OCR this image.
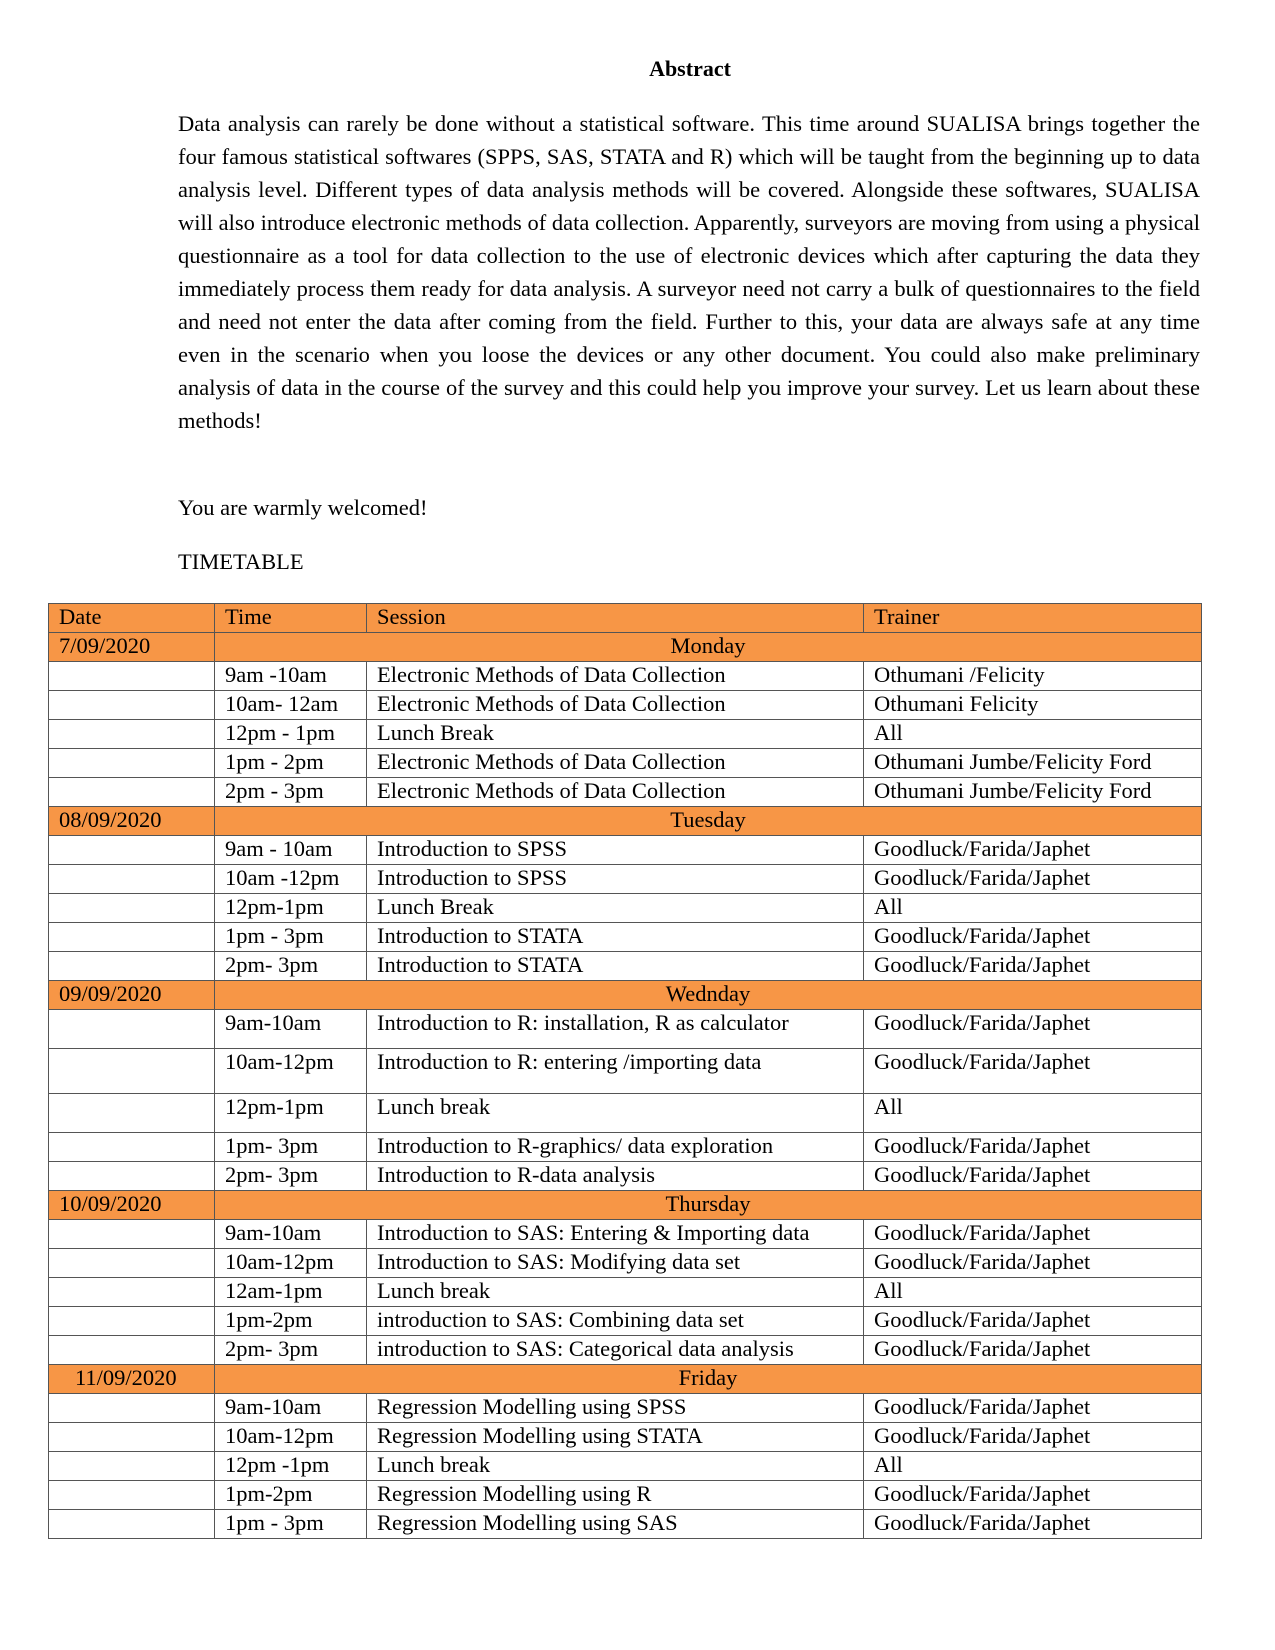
Abstract

Data analysis can rarely be done without a statistical software. This time around SUALISA brings together the four famous statistical softwares (SPPS, SAS, STATA and R) which will be taught from the beginning up to data analysis level. Different types of data analysis methods will be covered. Alongside these softwares, SUALISA will also introduce electronic methods of data collection. Apparently, surveyors are moving from using a physical questionnaire as a tool for data collection to the use of electronic devices which after capturing the data they immediately process them ready for data analysis. A surveyor need not carry a bulk of questionnaires to the field and need not enter the data after coming from the field. Further to this, your data are always safe at any time even in the scenario when you loose the devices or any other document. You could also make preliminary analysis of data in the course of the survey and this could help you improve your survey. Let us learn about these methods!

You are warmly welcomed!

TIMETABLE

Date	Time	Session	Trainer
7/09/2020	Monday		
	9am -10am	Electronic Methods of Data Collection	Othumani /Felicity
	10am- 12am	Electronic Methods of Data Collection	Othumani Felicity
	12pm - 1pm	Lunch Break	All
	1pm - 2pm	Electronic Methods of Data Collection	Othumani Jumbe/Felicity Ford
	2pm - 3pm	Electronic Methods of Data Collection	Othumani Jumbe/Felicity Ford
08/09/2020	Tuesday		
	9am - 10am	Introduction to SPSS	Goodluck/Farida/Japhet
	10am -12pm	Introduction to SPSS	Goodluck/Farida/Japhet
	12pm-1pm	Lunch Break	All
	1pm - 3pm	Introduction to STATA	Goodluck/Farida/Japhet
	2pm- 3pm	Introduction to STATA	Goodluck/Farida/Japhet
09/09/2020	Wednday		
	9am-10am	Introduction to R: installation, R as calculator	Goodluck/Farida/Japhet
	10am-12pm	Introduction to R: entering /importing data	Goodluck/Farida/Japhet
	12pm-1pm	Lunch break	All
	1pm- 3pm	Introduction to R-graphics/ data exploration	Goodluck/Farida/Japhet
	2pm- 3pm	Introduction to R-data analysis	Goodluck/Farida/Japhet
10/09/2020	Thursday		
	9am-10am	Introduction to SAS: Entering & Importing data	Goodluck/Farida/Japhet
	10am-12pm	Introduction to SAS: Modifying data set	Goodluck/Farida/Japhet
	12am-1pm	Lunch break	All
	1pm-2pm	introduction to SAS: Combining data set	Goodluck/Farida/Japhet
	2pm- 3pm	introduction to SAS: Categorical data analysis	Goodluck/Farida/Japhet
11/09/2020	Friday		
	9am-10am	Regression Modelling using SPSS	Goodluck/Farida/Japhet
	10am-12pm	Regression Modelling using STATA	Goodluck/Farida/Japhet
	12pm -1pm	Lunch break	All
	1pm-2pm	Regression Modelling using R	Goodluck/Farida/Japhet
	1pm - 3pm	Regression Modelling using SAS	Goodluck/Farida/Japhet
